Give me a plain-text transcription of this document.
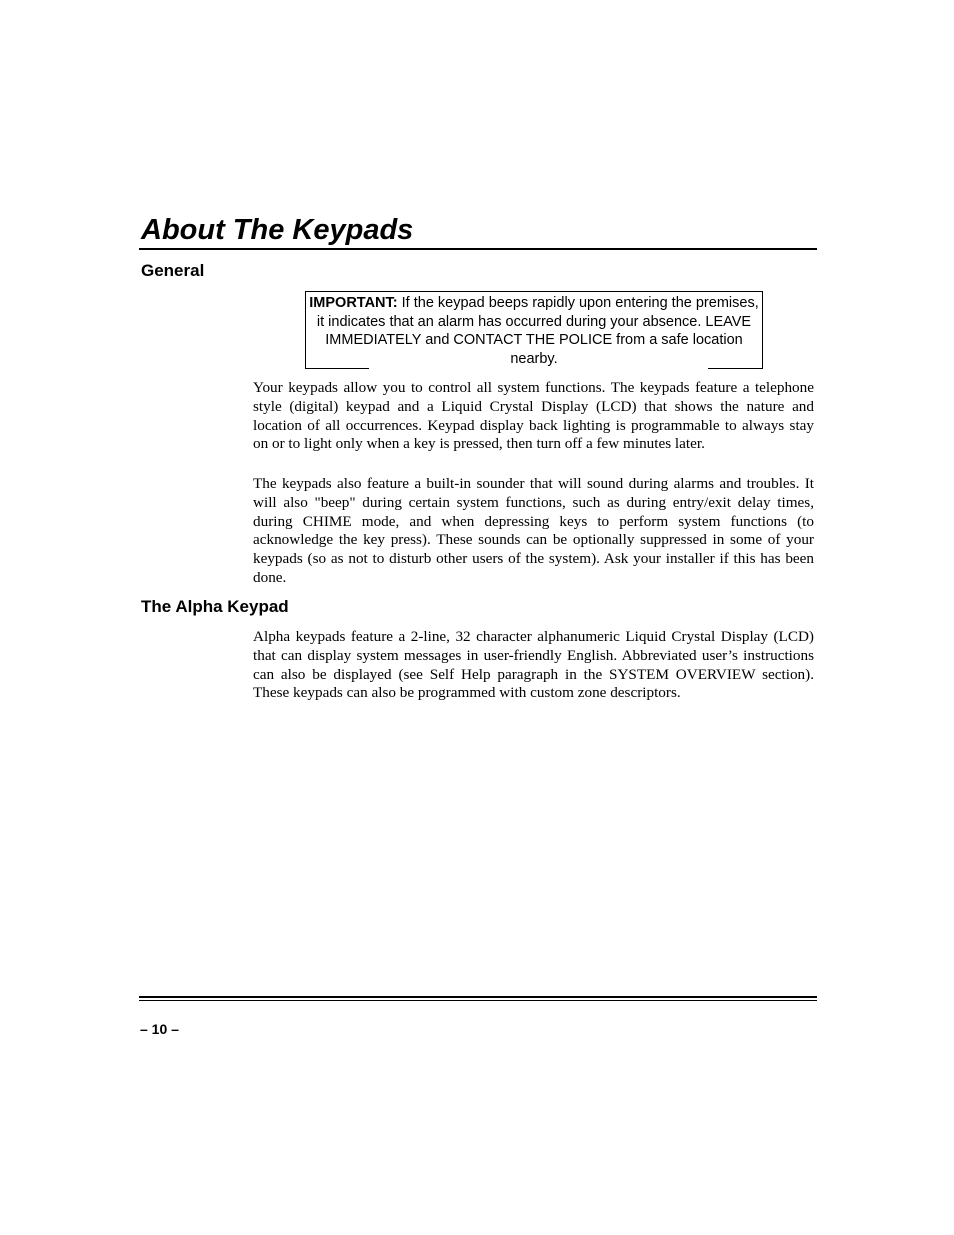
About The Keypads
General

IMPORTANT: If the keypad beeps rapidly upon entering the premises, it indicates that an alarm has occurred during your absence. LEAVE IMMEDIATELY and CONTACT THE POLICE from a safe location nearby.

Your keypads allow you to control all system functions. The keypads feature a telephone style (digital) keypad and a Liquid Crystal Display (LCD) that shows the nature and location of all occurrences. Keypad display back lighting is programmable to always stay on or to light only when a key is pressed, then turn off a few minutes later.

The keypads also feature a built-in sounder that will sound during alarms and troubles. It will also "beep" during certain system functions, such as during entry/exit delay times, during CHIME mode, and when depressing keys to perform system functions (to acknowledge the key press). These sounds can be optionally suppressed in some of your keypads (so as not to disturb other users of the system). Ask your installer if this has been done.

The Alpha Keypad

Alpha keypads feature a 2-line, 32 character alphanumeric Liquid Crystal Display (LCD) that can display system messages in user-friendly English. Abbreviated user’s instructions can also be displayed (see Self Help paragraph in the SYSTEM OVERVIEW section). These keypads can also be programmed with custom zone descriptors.

– 10 –
